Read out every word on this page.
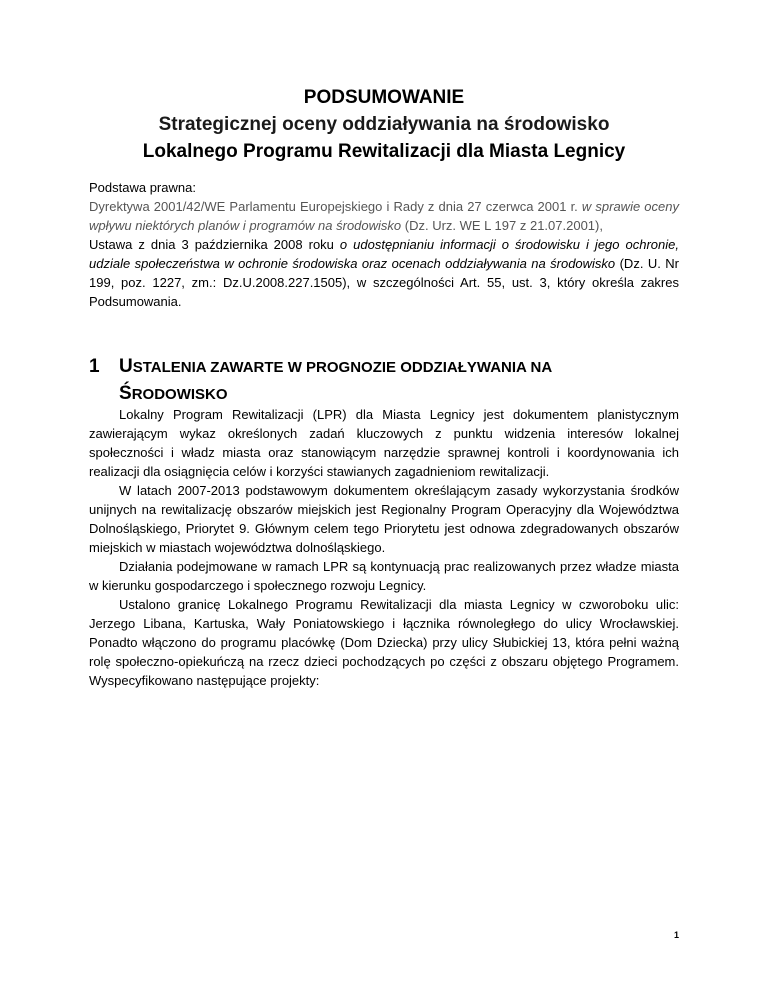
PODSUMOWANIE
Strategicznej oceny oddziaływania na środowisko
Lokalnego Programu Rewitalizacji dla Miasta Legnicy
Podstawa prawna:

Dyrektywa 2001/42/WE Parlamentu Europejskiego i Rady z dnia 27 czerwca 2001 r. w sprawie oceny wpływu niektórych planów i programów na środowisko (Dz. Urz. WE L 197 z 21.07.2001),

Ustawa z dnia 3 października 2008 roku o udostępnianiu informacji o środowisku i jego ochronie, udziale społeczeństwa w ochronie środowiska oraz ocenach oddziaływania na środowisko (Dz. U. Nr 199, poz. 1227, zm.: Dz.U.2008.227.1505), w szczególności Art. 55, ust. 3, który określa zakres Podsumowania.

1 USTALENIA ZAWARTE W PROGNOZIE ODDZIAŁYWANIA NA
ŚRODOWISKO

Lokalny Program Rewitalizacji (LPR) dla Miasta Legnicy jest dokumentem planistycznym zawierającym wykaz określonych zadań kluczowych z punktu widzenia interesów lokalnej społeczności i władz miasta oraz stanowiącym narzędzie sprawnej kontroli i koordynowania ich realizacji dla osiągnięcia celów i korzyści stawianych zagadnieniom rewitalizacji.

W latach 2007-2013 podstawowym dokumentem określającym zasady wykorzystania środków unijnych na rewitalizację obszarów miejskich jest Regionalny Program Operacyjny dla Województwa Dolnośląskiego, Priorytet 9. Głównym celem tego Priorytetu jest odnowa zdegradowanych obszarów miejskich w miastach województwa dolnośląskiego.

Działania podejmowane w ramach LPR są kontynuacją prac realizowanych przez władze miasta w kierunku gospodarczego i społecznego rozwoju Legnicy.

Ustalono granicę Lokalnego Programu Rewitalizacji dla miasta Legnicy w czworoboku ulic: Jerzego Libana, Kartuska, Wały Poniatowskiego i łącznika równoległego do ulicy Wrocławskiej. Ponadto włączono do programu placówkę (Dom Dziecka) przy ulicy Słubickiej 13, która pełni ważną rolę społeczno-opiekuńczą na rzecz dzieci pochodzących po części z obszaru objętego Programem. Wyspecyfikowano następujące projekty:

1
